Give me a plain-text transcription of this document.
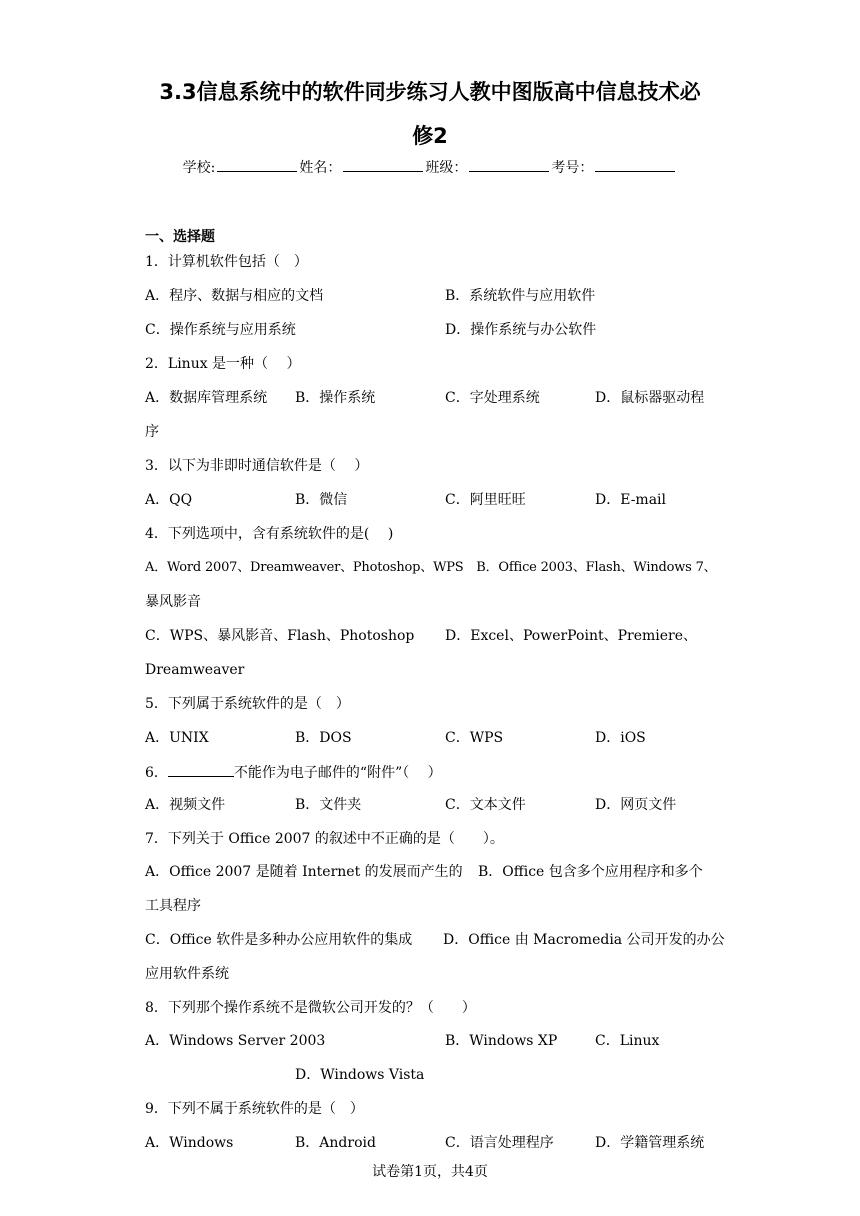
3.3信息系统中的软件同步练习人教中图版高中信息技术必
修2
学校:	姓名：	班级：	考号：
一、选择题
1．计算机软件包括（　）
A．程序、数据与相应的文档	B．系统软件与应用软件
C．操作系统与应用系统	D．操作系统与办公软件
2．Linux 是一种（　 ）
A．数据库管理系统 B．操作系统	C．字处理系统	D．鼠标器驱动程
序
3．以下为非即时通信软件是（　 ）
A．QQ	B．微信	C．阿里旺旺	D．E-mail
4．下列选项中，含有系统软件的是(　 )
A．Word 2007、Dreamweaver、Photoshop、WPS　B．Office 2003、Flash、Windows 7、
暴风影音
C．WPS、暴风影音、Flash、Photoshop D．Excel、PowerPoint、Premiere、
Dreamweaver
5．下列属于系统软件的是（　）
A．UNIX	B．DOS	C．WPS	D．iOS
6．	不能作为电子邮件的“附件”（　 ）
A．视频文件	B．文件夹	C．文本文件	D．网页文件
7．下列关于 Office 2007 的叙述中不正确的是（　　）。
A．Office 2007 是随着 Internet 的发展而产生的 B．Office 包含多个应用程序和多个
工具程序
C．Office 软件是多种办公应用软件的集成 D．Office 由 Macromedia 公司开发的办公
应用软件系统
8．下列那个操作系统不是微软公司开发的？（　　）
A．Windows Server 2003	B．Windows XP	C．Linux
D．Windows Vista
9．下列不属于系统软件的是（　）
A．Windows	B．Android	C．语言处理程序	D．学籍管理系统
试卷第1页，共4页
